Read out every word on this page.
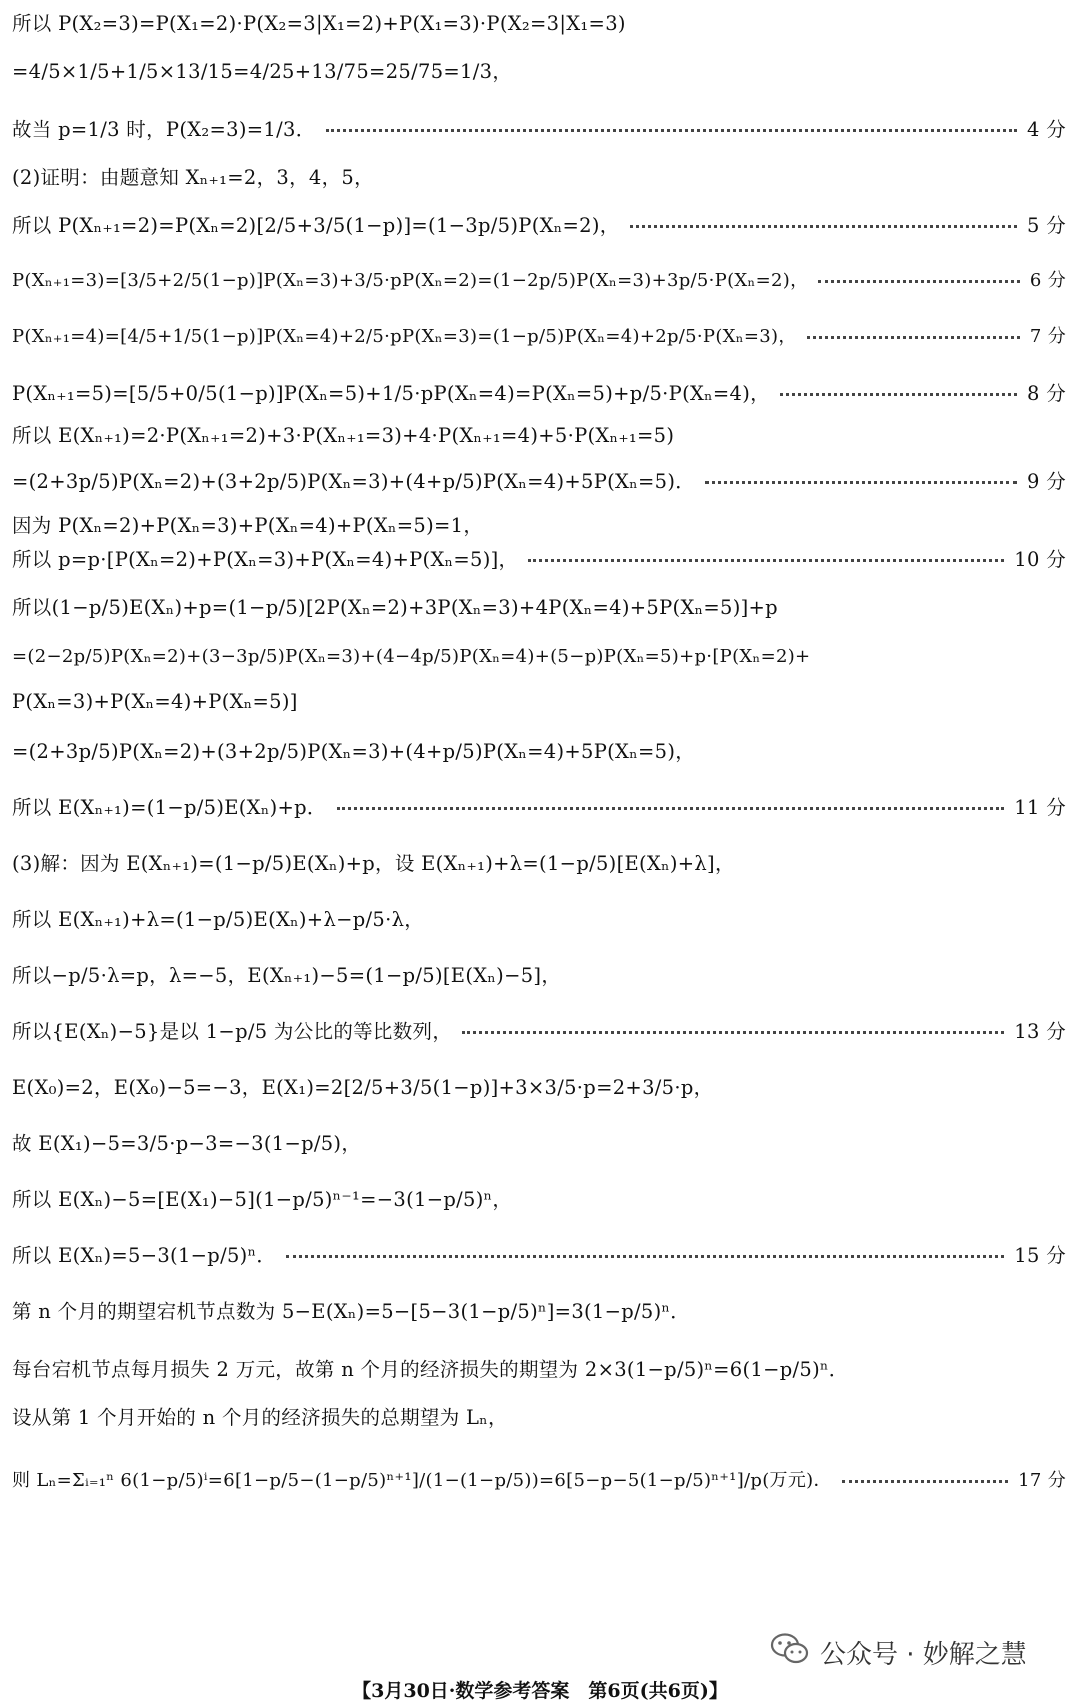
所以 P(X₂=3)=P(X₁=2)·P(X₂=3|X₁=2)+P(X₁=3)·P(X₂=3|X₁=3)
=4/5×1/5+1/5×13/15=4/25+13/75=25/75=1/3，
故当 p=1/3 时，P(X₂=3)=1/3．	4 分
(2)证明：由题意知 Xₙ₊₁=2，3，4，5，
所以 P(Xₙ₊₁=2)=P(Xₙ=2)[2/5+3/5(1−p)]=(1−3p/5)P(Xₙ=2)，	5 分
P(Xₙ₊₁=3)=[3/5+2/5(1−p)]P(Xₙ=3)+3/5·pP(Xₙ=2)=(1−2p/5)P(Xₙ=3)+3p/5·P(Xₙ=2)，	6 分
P(Xₙ₊₁=4)=[4/5+1/5(1−p)]P(Xₙ=4)+2/5·pP(Xₙ=3)=(1−p/5)P(Xₙ=4)+2p/5·P(Xₙ=3)，	7 分
P(Xₙ₊₁=5)=[5/5+0/5(1−p)]P(Xₙ=5)+1/5·pP(Xₙ=4)=P(Xₙ=5)+p/5·P(Xₙ=4)，	8 分
所以 E(Xₙ₊₁)=2·P(Xₙ₊₁=2)+3·P(Xₙ₊₁=3)+4·P(Xₙ₊₁=4)+5·P(Xₙ₊₁=5)
=(2+3p/5)P(Xₙ=2)+(3+2p/5)P(Xₙ=3)+(4+p/5)P(Xₙ=4)+5P(Xₙ=5)．	9 分
因为 P(Xₙ=2)+P(Xₙ=3)+P(Xₙ=4)+P(Xₙ=5)=1，
所以 p=p·[P(Xₙ=2)+P(Xₙ=3)+P(Xₙ=4)+P(Xₙ=5)]，	10 分
所以(1−p/5)E(Xₙ)+p=(1−p/5)[2P(Xₙ=2)+3P(Xₙ=3)+4P(Xₙ=4)+5P(Xₙ=5)]+p
=(2−2p/5)P(Xₙ=2)+(3−3p/5)P(Xₙ=3)+(4−4p/5)P(Xₙ=4)+(5−p)P(Xₙ=5)+p·[P(Xₙ=2)+
P(Xₙ=3)+P(Xₙ=4)+P(Xₙ=5)]
=(2+3p/5)P(Xₙ=2)+(3+2p/5)P(Xₙ=3)+(4+p/5)P(Xₙ=4)+5P(Xₙ=5)，
所以 E(Xₙ₊₁)=(1−p/5)E(Xₙ)+p．	11 分
(3)解：因为 E(Xₙ₊₁)=(1−p/5)E(Xₙ)+p，设 E(Xₙ₊₁)+λ=(1−p/5)[E(Xₙ)+λ]，
所以 E(Xₙ₊₁)+λ=(1−p/5)E(Xₙ)+λ−p/5·λ，
所以−p/5·λ=p，λ=−5，E(Xₙ₊₁)−5=(1−p/5)[E(Xₙ)−5]，
所以{E(Xₙ)−5}是以 1−p/5 为公比的等比数列，	13 分
E(X₀)=2，E(X₀)−5=−3，E(X₁)=2[2/5+3/5(1−p)]+3×3/5·p=2+3/5·p，
故 E(X₁)−5=3/5·p−3=−3(1−p/5)，
所以 E(Xₙ)−5=[E(X₁)−5](1−p/5)ⁿ⁻¹=−3(1−p/5)ⁿ，
所以 E(Xₙ)=5−3(1−p/5)ⁿ．	15 分
第 n 个月的期望宕机节点数为 5−E(Xₙ)=5−[5−3(1−p/5)ⁿ]=3(1−p/5)ⁿ．
每台宕机节点每月损失 2 万元，故第 n 个月的经济损失的期望为 2×3(1−p/5)ⁿ=6(1−p/5)ⁿ．
设从第 1 个月开始的 n 个月的经济损失的总期望为 Lₙ，
则 Lₙ=Σᵢ₌₁ⁿ 6(1−p/5)ⁱ=6[1−p/5−(1−p/5)ⁿ⁺¹]/(1−(1−p/5))=6[5−p−5(1−p/5)ⁿ⁺¹]/p(万元)．	17 分
公众号 · 妙解之慧
【3月30日·数学参考答案　第6页(共6页)】
